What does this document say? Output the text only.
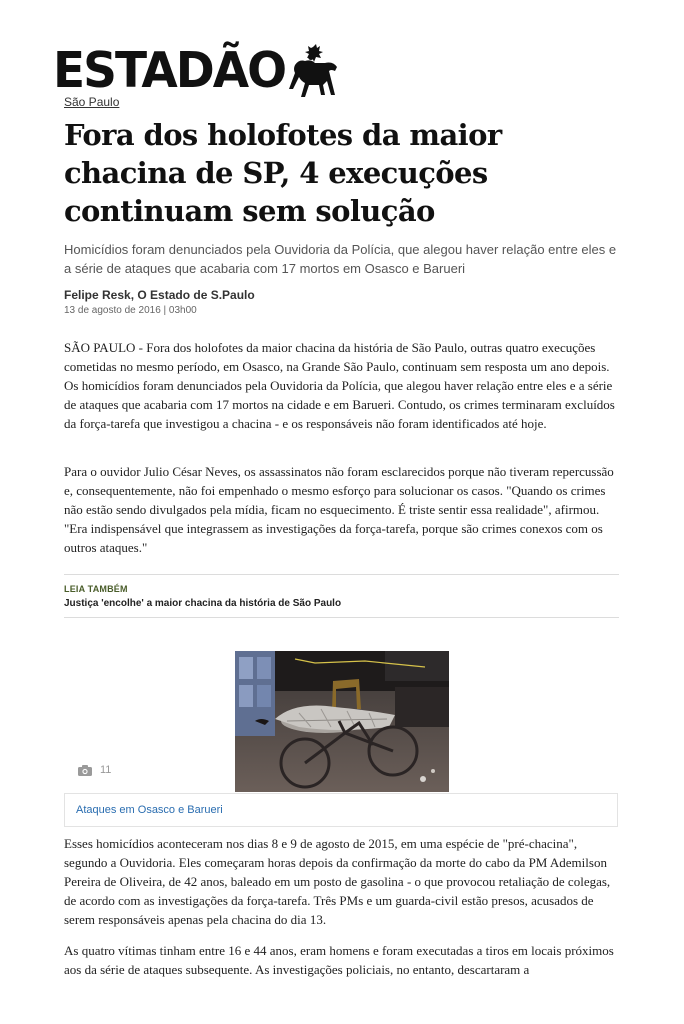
ESTADÃO
São Paulo
Fora dos holofotes da maior chacina de SP, 4 execuções continuam sem solução

Homicídios foram denunciados pela Ouvidoria da Polícia, que alegou haver relação entre eles e a série de ataques que acabaria com 17 mortos em Osasco e Barueri

Felipe Resk, O Estado de S.Paulo
13 de agosto de 2016 | 03h00

SÃO PAULO - Fora dos holofotes da maior chacina da história de São Paulo, outras quatro execuções cometidas no mesmo período, em Osasco, na Grande São Paulo, continuam sem resposta um ano depois. Os homicídios foram denunciados pela Ouvidoria da Polícia, que alegou haver relação entre eles e a série de ataques que acabaria com 17 mortos na cidade e em Barueri. Contudo, os crimes terminaram excluídos da força-tarefa que investigou a chacina - e os responsáveis não foram identificados até hoje.

Para o ouvidor Julio César Neves, os assassinatos não foram esclarecidos porque não tiveram repercussão e, consequentemente, não foi empenhado o mesmo esforço para solucionar os casos. "Quando os crimes não estão sendo divulgados pela mídia, ficam no esquecimento. É triste sentir essa realidade", afirmou. "Era indispensável que integrassem as investigações da força-tarefa, porque são crimes conexos com os outros ataques."

LEIA TAMBÉM
Justiça 'encolhe' a maior chacina da história de São Paulo
11
Ataques em Osasco e Barueri

Esses homicídios aconteceram nos dias 8 e 9 de agosto de 2015, em uma espécie de "pré-chacina", segundo a Ouvidoria. Eles começaram horas depois da confirmação da morte do cabo da PM Ademilson Pereira de Oliveira, de 42 anos, baleado em um posto de gasolina - o que provocou retaliação de colegas, de acordo com as investigações da força-tarefa. Três PMs e um guarda-civil estão presos, acusados de serem responsáveis apenas pela chacina do dia 13.

As quatro vítimas tinham entre 16 e 44 anos, eram homens e foram executadas a tiros em locais próximos aos da série de ataques subsequente. As investigações policiais, no entanto, descartaram a
